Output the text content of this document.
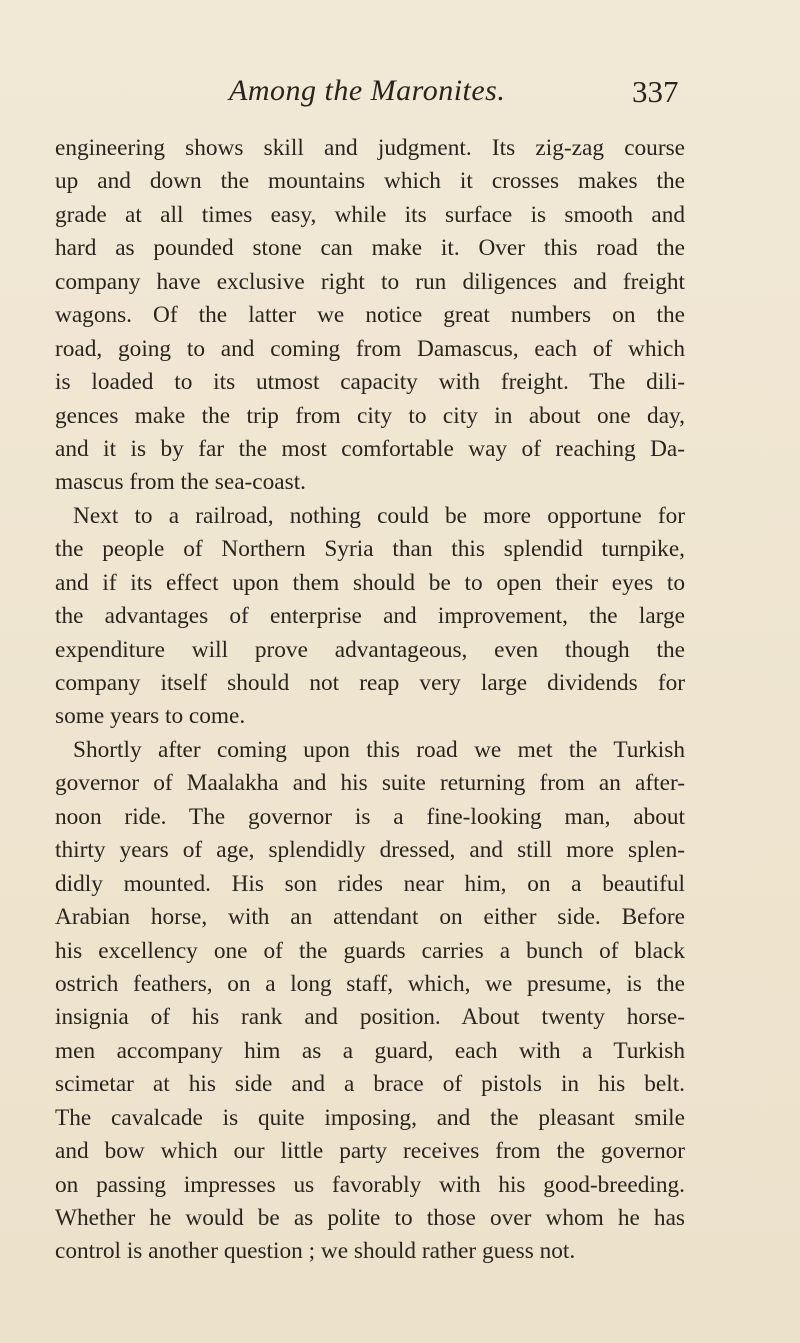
Among the Maronites.	337
engineering shows skill and judgment. Its zig-zag course
up and down the mountains which it crosses makes the
grade at all times easy, while its surface is smooth and
hard as pounded stone can make it. Over this road the
company have exclusive right to run diligences and freight
wagons. Of the latter we notice great numbers on the
road, going to and coming from Damascus, each of which
is loaded to its utmost capacity with freight. The dili-
gences make the trip from city to city in about one day,
and it is by far the most comfortable way of reaching Da-
mascus from the sea-coast.
Next to a railroad, nothing could be more opportune for
the people of Northern Syria than this splendid turnpike,
and if its effect upon them should be to open their eyes to
the advantages of enterprise and improvement, the large
expenditure will prove advantageous, even though the
company itself should not reap very large dividends for
some years to come.
Shortly after coming upon this road we met the Turkish
governor of Maalakha and his suite returning from an after-
noon ride. The governor is a fine-looking man, about
thirty years of age, splendidly dressed, and still more splen-
didly mounted. His son rides near him, on a beautiful
Arabian horse, with an attendant on either side. Before
his excellency one of the guards carries a bunch of black
ostrich feathers, on a long staff, which, we presume, is the
insignia of his rank and position. About twenty horse-
men accompany him as a guard, each with a Turkish
scimetar at his side and a brace of pistols in his belt.
The cavalcade is quite imposing, and the pleasant smile
and bow which our little party receives from the governor
on passing impresses us favorably with his good-breeding.
Whether he would be as polite to those over whom he has
control is another question ; we should rather guess not.
